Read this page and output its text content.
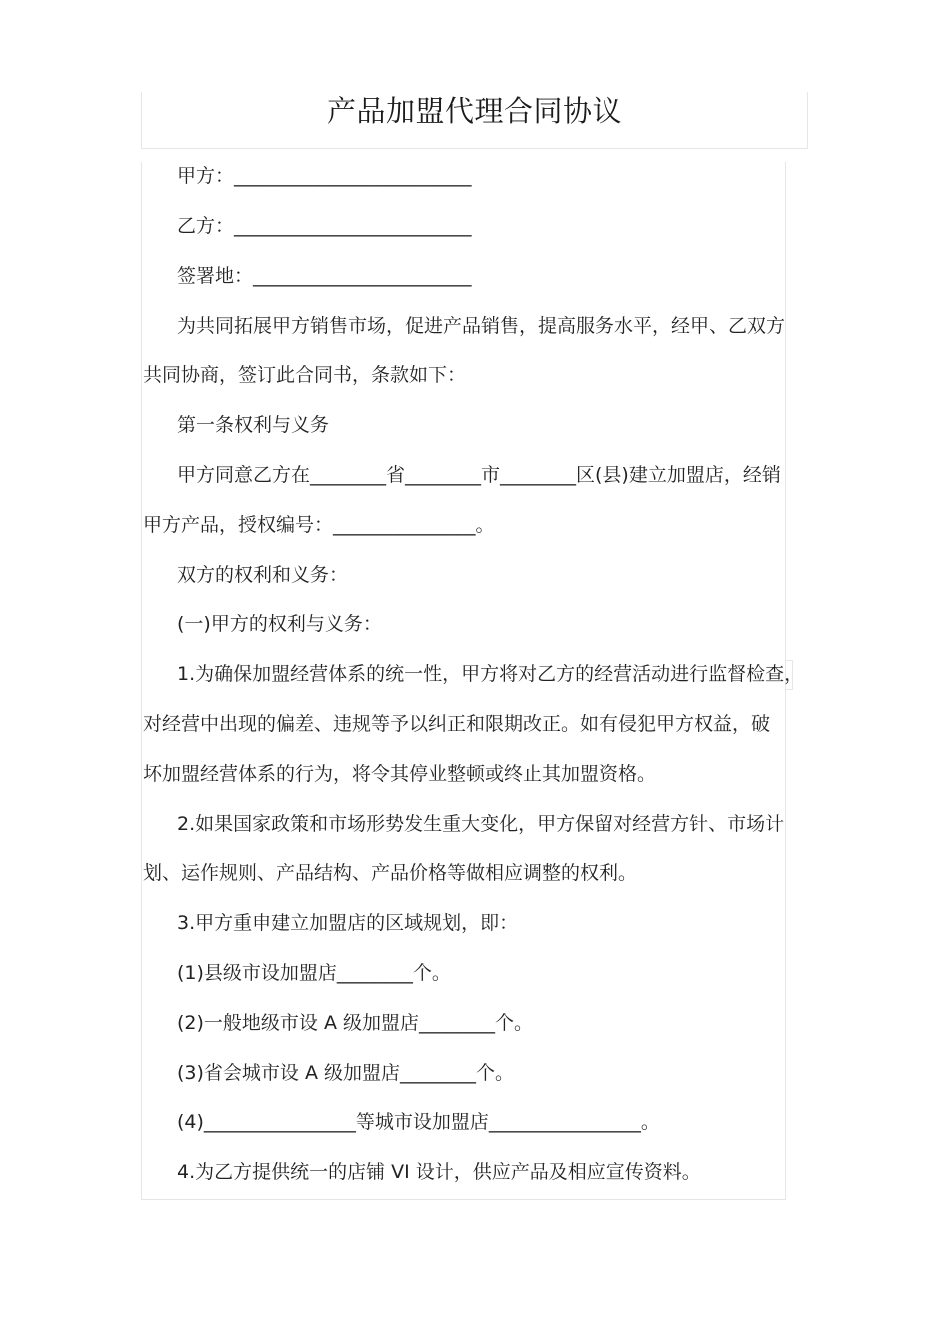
产品加盟代理合同协议
甲方：_________________________
乙方：_________________________
签署地：_______________________
为共同拓展甲方销售市场，促进产品销售，提高服务水平，经甲、乙双方
共同协商，签订此合同书，条款如下：
第一条权利与义务
甲方同意乙方在________省________市________区(县)建立加盟店，经销
甲方产品，授权编号：_______________。
双方的权利和义务：
(一)甲方的权利与义务：
1.为确保加盟经营体系的统一性，甲方将对乙方的经营活动进行监督检查，
对经营中出现的偏差、违规等予以纠正和限期改正。如有侵犯甲方权益，破
坏加盟经营体系的行为，将令其停业整顿或终止其加盟资格。
2.如果国家政策和市场形势发生重大变化，甲方保留对经营方针、市场计
划、运作规则、产品结构、产品价格等做相应调整的权利。
3.甲方重申建立加盟店的区域规划，即：
(1)县级市设加盟店________个。
(2)一般地级市设 A 级加盟店________个。
(3)省会城市设 A 级加盟店________个。
(4)________________等城市设加盟店________________。
4.为乙方提供统一的店铺 VI 设计，供应产品及相应宣传资料。
